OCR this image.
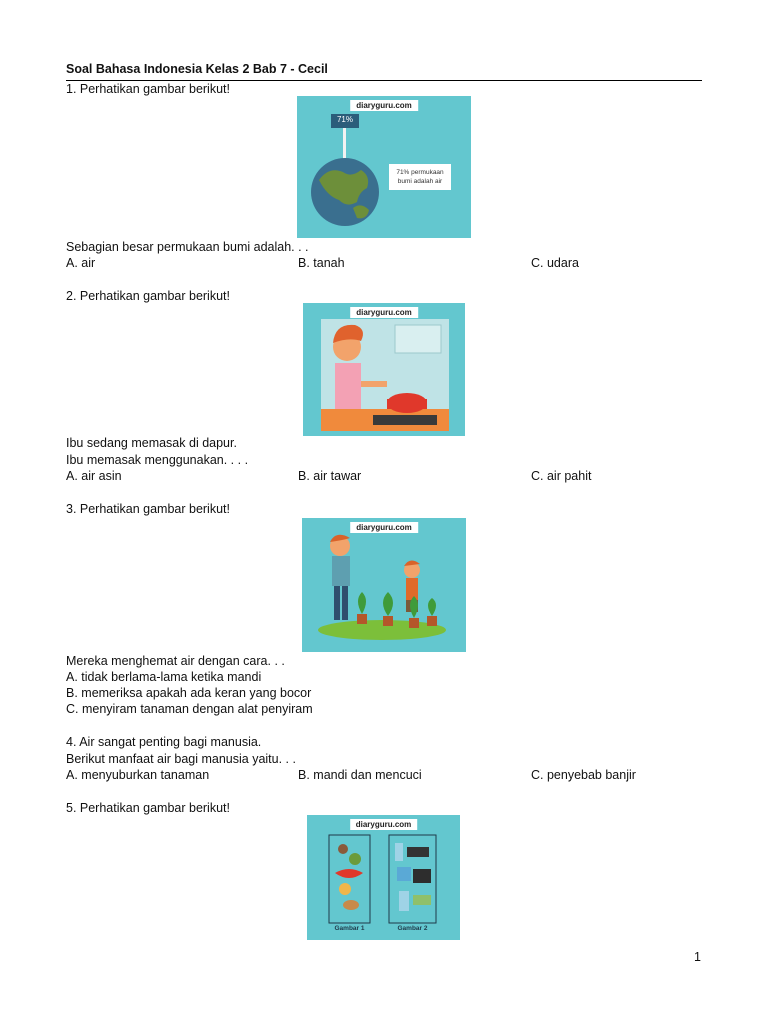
Soal Bahasa Indonesia Kelas 2 Bab 7 - Cecil
1. Perhatikan gambar berikut!
diaryguru.com
71%
71% permukaan
bumi adalah air
Sebagian besar permukaan bumi adalah. . .
A. air	B. tanah	C. udara
2. Perhatikan gambar berikut!
diaryguru.com
Ibu sedang memasak di dapur.
Ibu memasak menggunakan. . . .
A. air asin	B. air tawar	C. air pahit
3. Perhatikan gambar berikut!
diaryguru.com
Mereka menghemat air dengan cara. . .
A. tidak berlama-lama ketika mandi
B. memeriksa apakah ada keran yang bocor
C. menyiram tanaman dengan alat penyiram
4. Air sangat penting bagi manusia.
Berikut manfaat air bagi manusia yaitu. . .
A. menyuburkan tanaman	B. mandi dan mencuci	C. penyebab banjir
5. Perhatikan gambar berikut!
diaryguru.com
Gambar 1	Gambar 2
1
